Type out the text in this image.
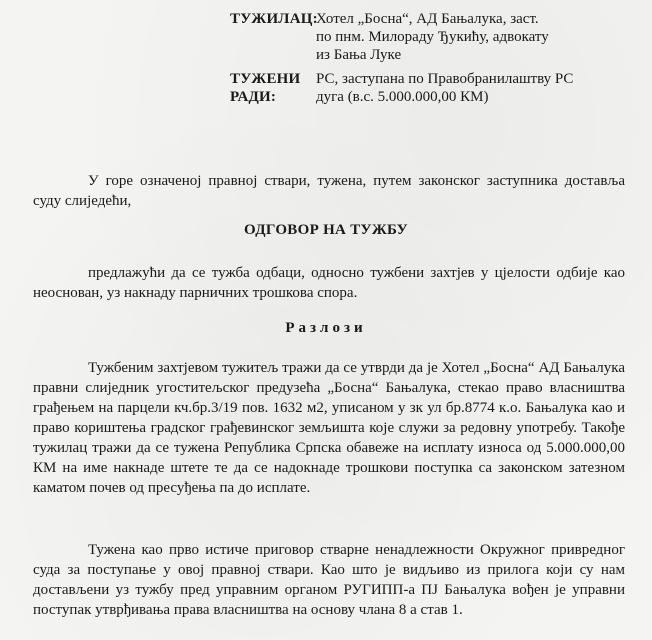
ТУЖИЛАЦ:
Хотел „Босна“, АД Бањалука, заст.
по пнм. Милораду Ђукићу, адвокату
из Бања Луке
ТУЖЕНИ
РАДИ:
РС, заступана по Правобранилаштву РС
дуга (в.с. 5.000.000,00 КМ)

У горе означеној правној ствари, тужена, путем законског заступника доставља суду слиједећи,

ОДГОВОР НА ТУЖБУ

предлажући да се тужба одбаци, односно тужбени захтјев у цјелости одбије као неоснован, уз накнаду парничних трошкова спора.

Разлози

Тужбеним захтјевом тужитељ тражи да се утврди да је Хотел „Босна“ АД Бањалука правни слиједник угоститељског предузећа „Босна“ Бањалука, стекао право власништва грађењем на парцели кч.бр.3/19 пов. 1632 м2, уписаном у зк ул бр.8774 к.о. Бањалука као и право кориштења градског грађевинског земљишта које служи за редовну употребу. Такође тужилац тражи да се тужена Република Српска обавеже на исплату износа од 5.000.000,00 КМ на име накнаде штете те да се надокнаде трошкови поступка са законском затезном каматом почев од пресуђења па до исплате.

Тужена као прво истиче приговор стварне ненадлежности Окружног привредног суда за поступање у овој правној ствари. Као што је видљиво из прилога који су нам достављени уз тужбу пред управним органом РУГИПП-а ПЈ Бањалука вођен је управни поступак утврђивања права власништва на основу члана 8 а став 1.
